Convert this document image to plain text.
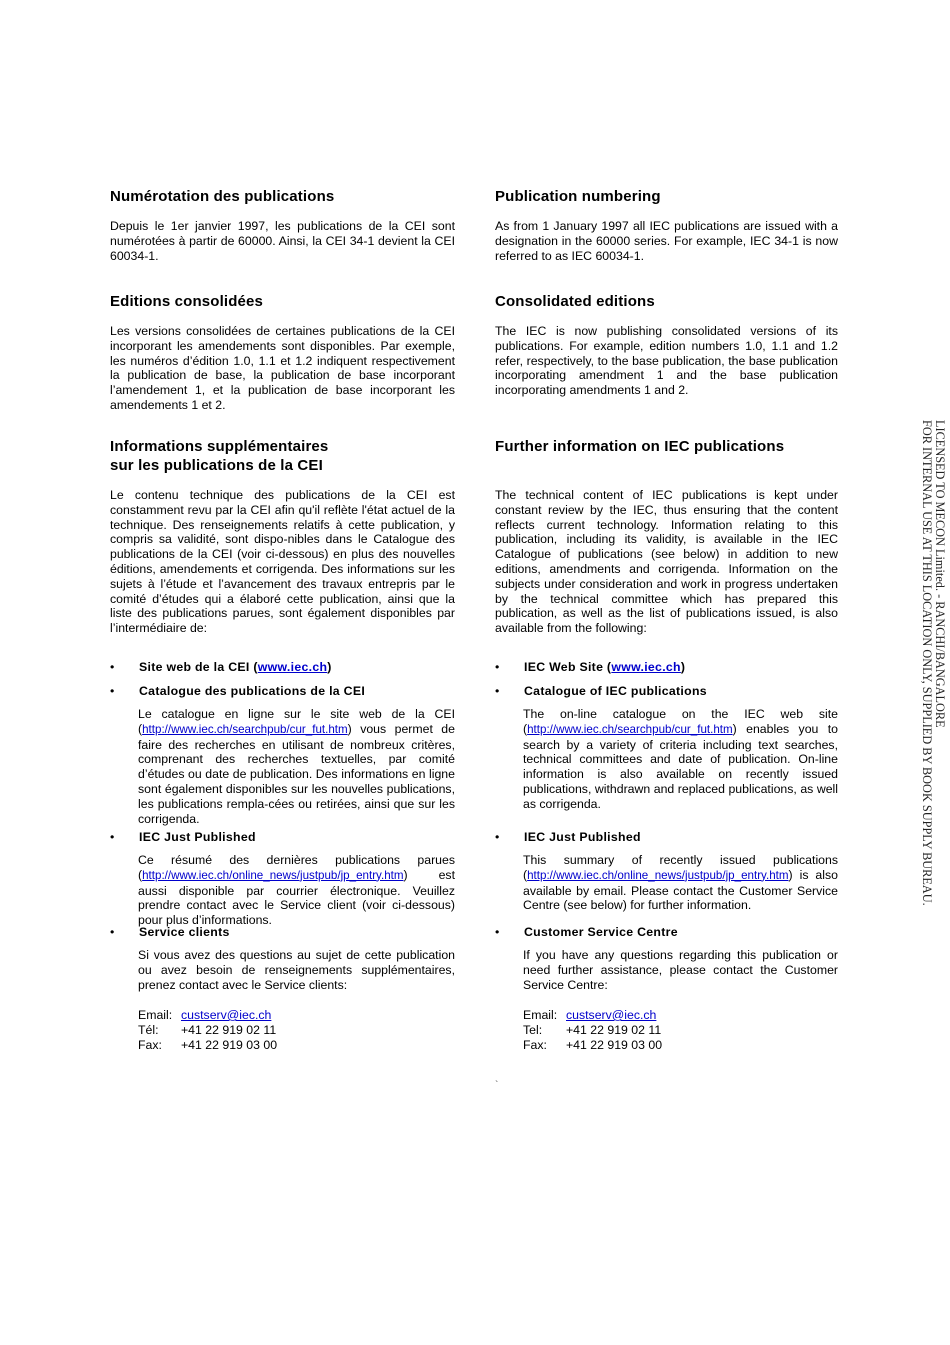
Numérotation des publications

Depuis le 1er janvier 1997, les publications de la CEI sont numérotées à partir de 60000. Ainsi, la CEI 34-1 devient la CEI 60034-1.

Editions consolidées

Les versions consolidées de certaines publications de la CEI incorporant les amendements sont disponibles. Par exemple, les numéros d’édition 1.0, 1.1 et 1.2 indiquent respectivement la publication de base, la publication de base incorporant l’amendement 1, et la publication de base incorporant les amendements 1 et 2.

Informations supplémentaires
sur les publications de la CEI

Le contenu technique des publications de la CEI est constamment revu par la CEI afin qu'il reflète l'état actuel de la technique. Des renseignements relatifs à cette publication, y compris sa validité, sont dispo-nibles dans le Catalogue des publications de la CEI (voir ci-dessous) en plus des nouvelles éditions, amendements et corrigenda. Des informations sur les sujets à l’étude et l’avancement des travaux entrepris par le comité d’études qui a élaboré cette publication, ainsi que la liste des publications parues, sont également disponibles par l’intermédiaire de:

• Site web de la CEI (www.iec.ch)
• Catalogue des publications de la CEI

Le catalogue en ligne sur le site web de la CEI (http://www.iec.ch/searchpub/cur_fut.htm) vous permet de faire des recherches en utilisant de nombreux critères, comprenant des recherches textuelles, par comité d’études ou date de publication. Des informations en ligne sont également disponibles sur les nouvelles publications, les publications rempla-cées ou retirées, ainsi que sur les corrigenda.

• IEC Just Published

Ce résumé des dernières publications parues (http://www.iec.ch/online_news/justpub/jp_entry.htm) est aussi disponible par courrier électronique. Veuillez prendre contact avec le Service client (voir ci-dessous) pour plus d’informations.

• Service clients

Si vous avez des questions au sujet de cette publication ou avez besoin de renseignements supplémentaires, prenez contact avec le Service clients:

Email: custserv@iec.ch
Tél: +41 22 919 02 11
Fax: +41 22 919 03 00
Publication numbering

As from 1 January 1997 all IEC publications are issued with a designation in the 60000 series. For example, IEC 34-1 is now referred to as IEC 60034-1.

Consolidated editions

The IEC is now publishing consolidated versions of its publications. For example, edition numbers 1.0, 1.1 and 1.2 refer, respectively, to the base publication, the base publication incorporating amendment 1 and the base publication incorporating amendments 1 and 2.

Further information on IEC publications

The technical content of IEC publications is kept under constant review by the IEC, thus ensuring that the content reflects current technology. Information relating to this publication, including its validity, is available in the IEC Catalogue of publications (see below) in addition to new editions, amendments and corrigenda. Information on the subjects under consideration and work in progress undertaken by the technical committee which has prepared this publication, as well as the list of publications issued, is also available from the following:

• IEC Web Site (www.iec.ch)
• Catalogue of IEC publications

The on-line catalogue on the IEC web site (http://www.iec.ch/searchpub/cur_fut.htm) enables you to search by a variety of criteria including text searches, technical committees and date of publication. On-line information is also available on recently issued publications, withdrawn and replaced publications, as well as corrigenda.

• IEC Just Published

This summary of recently issued publications (http://www.iec.ch/online_news/justpub/jp_entry.htm) is also available by email. Please contact the Customer Service Centre (see below) for further information.

• Customer Service Centre

If you have any questions regarding this publication or need further assistance, please contact the Customer Service Centre:

Email: custserv@iec.ch
Tel: +41 22 919 02 11
Fax: +41 22 919 03 00
`
LICENSED TO MECON Limited. - RANCHI/BANGALORE
FOR INTERNAL USE AT THIS LOCATION ONLY, SUPPLIED BY BOOK SUPPLY BUREAU.
